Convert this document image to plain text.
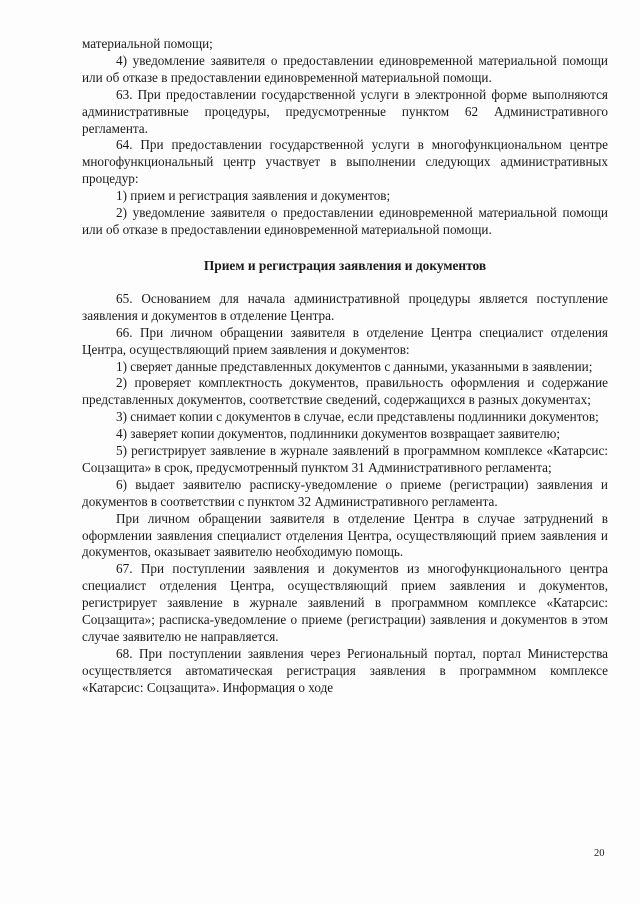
материальной помощи;

4) уведомление заявителя о предоставлении единовременной материальной помощи или об отказе в предоставлении единовременной материальной помощи.

63. При предоставлении государственной услуги в электронной форме выполняются административные процедуры, предусмотренные пунктом 62 Административного регламента.

64. При предоставлении государственной услуги в многофункциональном центре многофункциональный центр участвует в выполнении следующих административных процедур:

1) прием и регистрация заявления и документов;

2) уведомление заявителя о предоставлении единовременной материальной помощи или об отказе в предоставлении единовременной материальной помощи.

Прием и регистрация заявления и документов

65. Основанием для начала административной процедуры является поступление заявления и документов в отделение Центра.

66. При личном обращении заявителя в отделение Центра специалист отделения Центра, осуществляющий прием заявления и документов:

1) сверяет данные представленных документов с данными, указанными в заявлении;

2) проверяет комплектность документов, правильность оформления и содержание представленных документов, соответствие сведений, содержащихся в разных документах;

3) снимает копии с документов в случае, если представлены подлинники документов;

4) заверяет копии документов, подлинники документов возвращает заявителю;

5) регистрирует заявление в журнале заявлений в программном комплексе «Катарсис: Соцзащита» в срок, предусмотренный пунктом 31 Административного регламента;

6) выдает заявителю расписку-уведомление о приеме (регистрации) заявления и документов в соответствии с пунктом 32 Административного регламента.

При личном обращении заявителя в отделение Центра в случае затруднений в оформлении заявления специалист отделения Центра, осуществляющий прием заявления и документов, оказывает заявителю необходимую помощь.

67. При поступлении заявления и документов из многофункционального центра специалист отделения Центра, осуществляющий прием заявления и документов, регистрирует заявление в журнале заявлений в программном комплексе «Катарсис: Соцзащита»; расписка-уведомление о приеме (регистрации) заявления и документов в этом случае заявителю не направляется.

68. При поступлении заявления через Региональный портал, портал Министерства осуществляется автоматическая регистрация заявления в программном комплексе «Катарсис: Соцзащита». Информация о ходе

20
